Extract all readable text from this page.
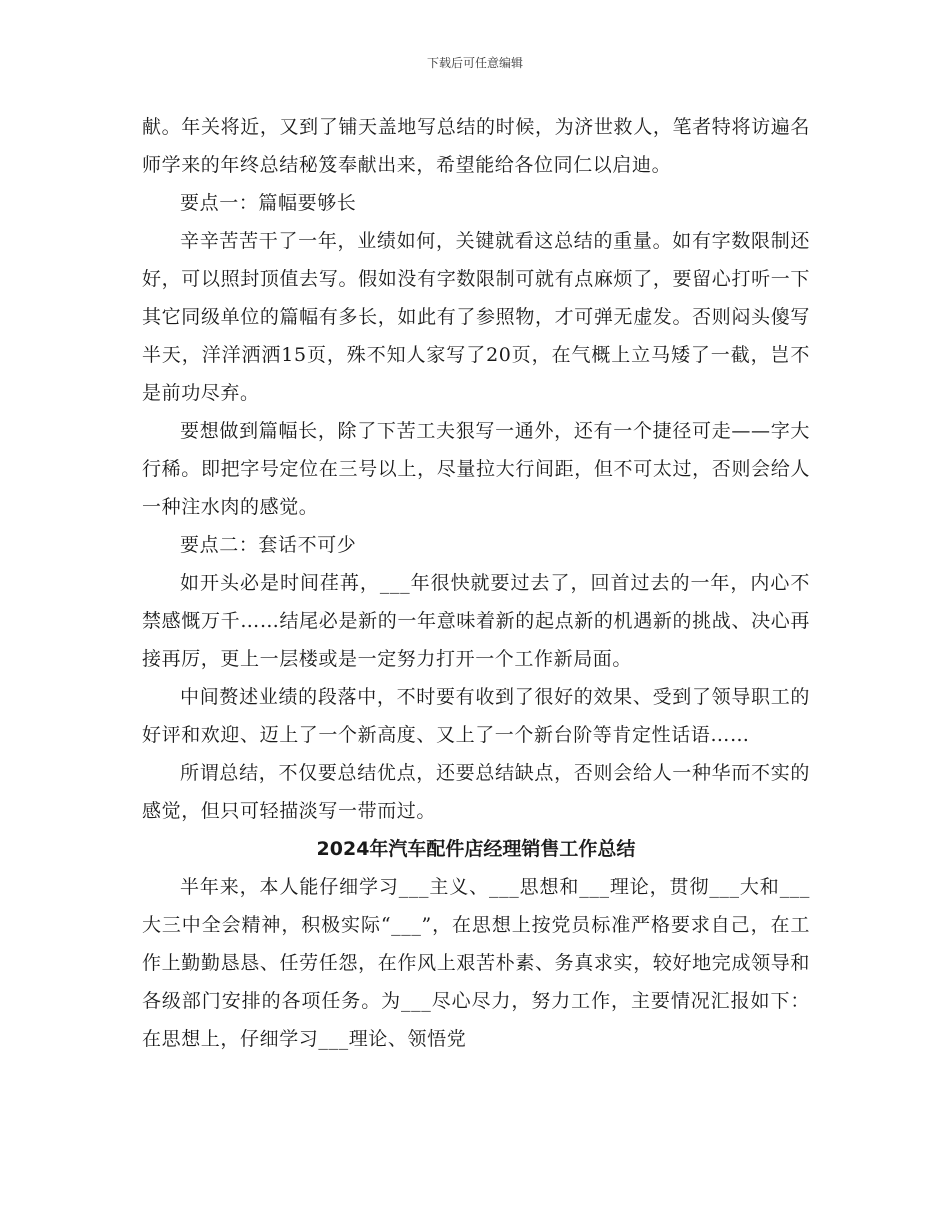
下载后可任意编辑

献。年关将近，又到了铺天盖地写总结的时候，为济世救人，笔者特将访遍名师学来的年终总结秘笈奉献出来，希望能给各位同仁以启迪。

要点一：篇幅要够长

辛辛苦苦干了一年，业绩如何，关键就看这总结的重量。如有字数限制还好，可以照封顶值去写。假如没有字数限制可就有点麻烦了，要留心打听一下其它同级单位的篇幅有多长，如此有了参照物，才可弹无虚发。否则闷头傻写半天，洋洋洒洒15页，殊不知人家写了20页，在气概上立马矮了一截，岂不是前功尽弃。

要想做到篇幅长，除了下苦工夫狠写一通外，还有一个捷径可走——字大行稀。即把字号定位在三号以上，尽量拉大行间距，但不可太过，否则会给人一种注水肉的感觉。

要点二：套话不可少

如开头必是时间荏苒，___年很快就要过去了，回首过去的一年，内心不禁感慨万千……结尾必是新的一年意味着新的起点新的机遇新的挑战、决心再接再厉，更上一层楼或是一定努力打开一个工作新局面。

中间赘述业绩的段落中，不时要有收到了很好的效果、受到了领导职工的好评和欢迎、迈上了一个新高度、又上了一个新台阶等肯定性话语……

所谓总结，不仅要总结优点，还要总结缺点，否则会给人一种华而不实的感觉，但只可轻描淡写一带而过。

2024年汽车配件店经理销售工作总结

半年来，本人能仔细学习___主义、___思想和___理论，贯彻___大和___大三中全会精神，积极实际“___”，在思想上按党员标准严格要求自己，在工作上勤勤恳恳、任劳任怨，在作风上艰苦朴素、务真求实，较好地完成领导和各级部门安排的各项任务。为___尽心尽力，努力工作，主要情况汇报如下：在思想上，仔细学习___理论、领悟党
